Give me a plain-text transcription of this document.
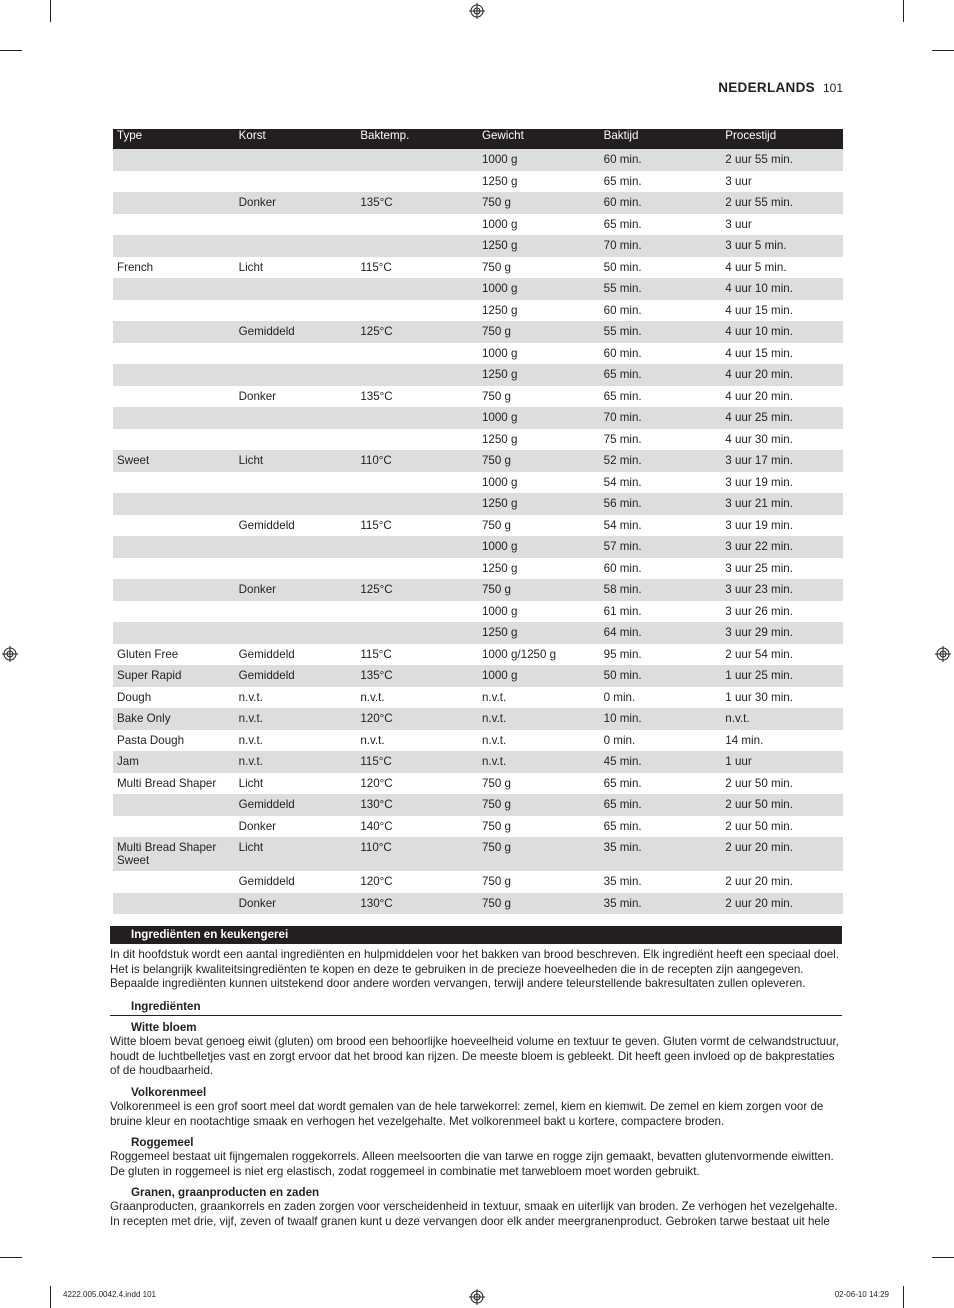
NEDERLANDS 101
Type	Korst	Baktemp.	Gewicht	Baktijd	Procestijd
			1000 g	60 min.	2 uur 55 min.
			1250 g	65 min.	3 uur
	Donker	135°C	750 g	60 min.	2 uur 55 min.
			1000 g	65 min.	3 uur
			1250 g	70 min.	3 uur 5 min.
French	Licht	115°C	750 g	50 min.	4 uur 5 min.
			1000 g	55 min.	4 uur 10 min.
			1250 g	60 min.	4 uur 15 min.
	Gemiddeld	125°C	750 g	55 min.	4 uur 10 min.
			1000 g	60 min.	4 uur 15 min.
			1250 g	65 min.	4 uur 20 min.
	Donker	135°C	750 g	65 min.	4 uur 20 min.
			1000 g	70 min.	4 uur 25 min.
			1250 g	75 min.	4 uur 30 min.
Sweet	Licht	110°C	750 g	52 min.	3 uur 17 min.
			1000 g	54 min.	3 uur 19 min.
			1250 g	56 min.	3 uur 21 min.
	Gemiddeld	115°C	750 g	54 min.	3 uur 19 min.
			1000 g	57 min.	3 uur 22 min.
			1250 g	60 min.	3 uur 25 min.
	Donker	125°C	750 g	58 min.	3 uur 23 min.
			1000 g	61 min.	3 uur 26 min.
			1250 g	64 min.	3 uur 29 min.
Gluten Free	Gemiddeld	115°C	1000 g/1250 g	95 min.	2 uur 54 min.
Super Rapid	Gemiddeld	135°C	1000 g	50 min.	1 uur 25 min.
Dough	n.v.t.	n.v.t.	n.v.t.	0 min.	1 uur 30 min.
Bake Only	n.v.t.	120°C	n.v.t.	10 min.	n.v.t.
Pasta Dough	n.v.t.	n.v.t.	n.v.t.	0 min.	14 min.
Jam	n.v.t.	115°C	n.v.t.	45 min.	1 uur
Multi Bread Shaper	Licht	120°C	750 g	65 min.	2 uur 50 min.
	Gemiddeld	130°C	750 g	65 min.	2 uur 50 min.
	Donker	140°C	750 g	65 min.	2 uur 50 min.
Multi Bread Shaper Sweet	Licht	110°C	750 g	35 min.	2 uur 20 min.
	Gemiddeld	120°C	750 g	35 min.	2 uur 20 min.
	Donker	130°C	750 g	35 min.	2 uur 20 min.
Ingrediënten en keukengerei

In dit hoofdstuk wordt een aantal ingrediënten en hulpmiddelen voor het bakken van brood beschreven. Elk ingrediënt heeft een speciaal doel. Het is belangrijk kwaliteitsingrediënten te kopen en deze te gebruiken in de precieze hoeveelheden die in de recepten zijn aangegeven. Bepaalde ingrediënten kunnen uitstekend door andere worden vervangen, terwijl andere teleurstellende bakresultaten zullen opleveren.

Ingrediënten
Witte bloem

Witte bloem bevat genoeg eiwit (gluten) om brood een behoorlijke hoeveelheid volume en textuur te geven. Gluten vormt de celwandstructuur, houdt de luchtbelletjes vast en zorgt ervoor dat het brood kan rijzen. De meeste bloem is gebleekt. Dit heeft geen invloed op de bakprestaties of de houdbaarheid.

Volkorenmeel

Volkorenmeel is een grof soort meel dat wordt gemalen van de hele tarwekorrel: zemel, kiem en kiemwit. De zemel en kiem zorgen voor de bruine kleur en nootachtige smaak en verhogen het vezelgehalte. Met volkorenmeel bakt u kortere, compactere broden.

Roggemeel

Roggemeel bestaat uit fijngemalen roggekorrels. Alleen meelsoorten die van tarwe en rogge zijn gemaakt, bevatten glutenvormende eiwitten. De gluten in roggemeel is niet erg elastisch, zodat roggemeel in combinatie met tarwebloem moet worden gebruikt.

Granen, graanproducten en zaden

Graanproducten, graankorrels en zaden zorgen voor verscheidenheid in textuur, smaak en uiterlijk van broden. Ze verhogen het vezelgehalte. In recepten met drie, vijf, zeven of twaalf granen kunt u deze vervangen door elk ander meergranenproduct. Gebroken tarwe bestaat uit hele

4222.005.0042.4.indd 101	02-06-10 14:29
